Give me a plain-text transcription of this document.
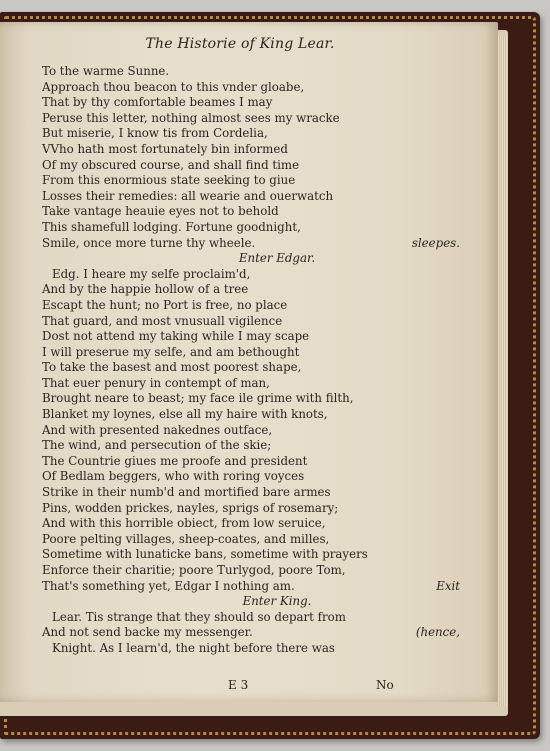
The Historie of King Lear.
To the warme Sunne.
Approach thou beacon to this vnder gloabe,
That by thy comfortable beames I may
Peruse this letter, nothing almost sees my wracke
But miserie, I know tis from Cordelia,
VVho hath most fortunately bin informed
Of my obscured course, and shall find time
From this enormious state seeking to giue
Losses their remedies: all wearie and ouerwatch
Take vantage heauie eyes not to behold
This shamefull lodging. Fortune goodnight,
Smile, once more turne thy wheele.	sleepes.
Enter Edgar.
Edg. I heare my selfe proclaim'd,
And by the happie hollow of a tree
Escapt the hunt; no Port is free, no place
That guard, and most vnusuall vigilence
Dost not attend my taking while I may scape
I will preserue my selfe, and am bethought
To take the basest and most poorest shape,
That euer penury in contempt of man,
Brought neare to beast; my face ile grime with filth,
Blanket my loynes, else all my haire with knots,
And with presented nakednes outface,
The wind, and persecution of the skie;
The Countrie giues me proofe and president
Of Bedlam beggers, who with roring voyces
Strike in their numb'd and mortified bare armes
Pins, wodden prickes, nayles, sprigs of rosemary;
And with this horrible obiect, from low seruice,
Poore pelting villages, sheep-coates, and milles,
Sometime with lunaticke bans, sometime with prayers
Enforce their charitie; poore Turlygod, poore Tom,
That's something yet, Edgar I nothing am.	Exit
Enter King.
Lear. Tis strange that they should so depart from
And not send backe my messenger.	(hence,
Knight. As I learn'd, the night before there was
E 3	No
